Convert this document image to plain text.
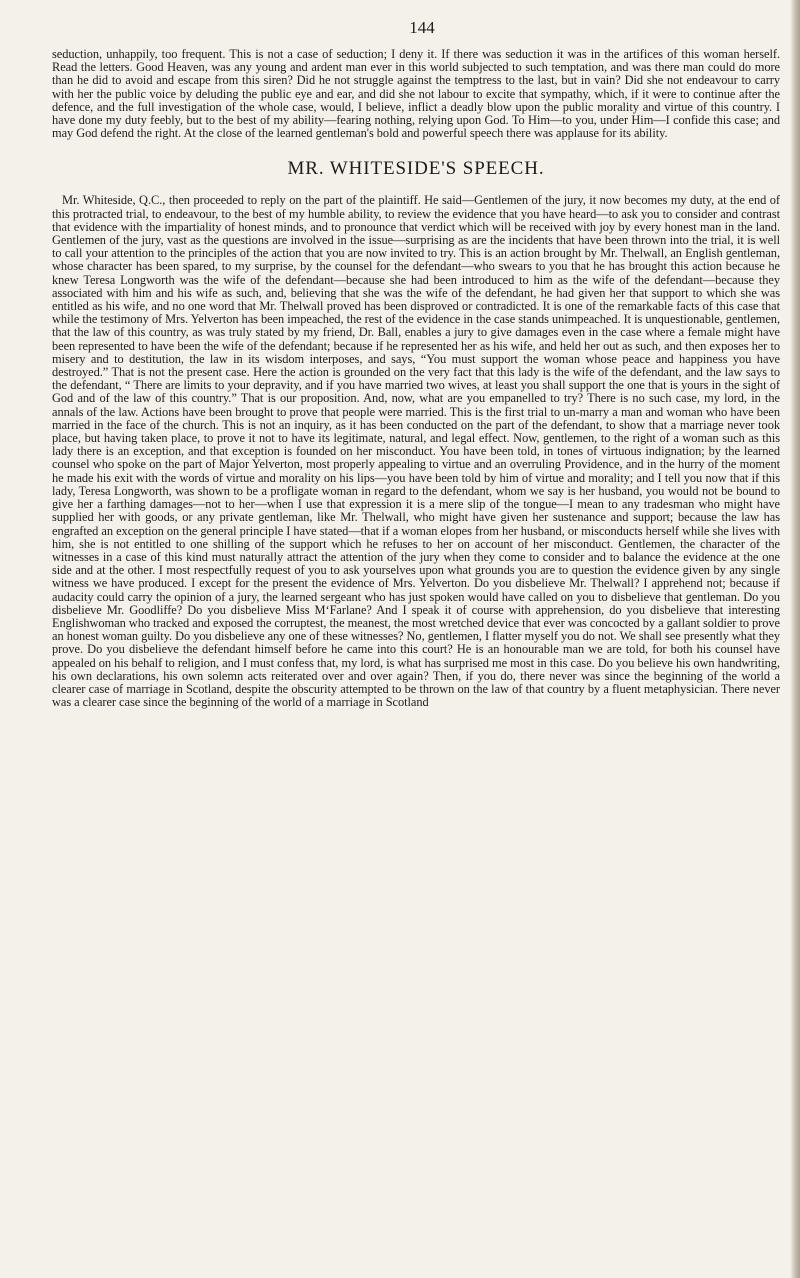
144

seduction, unhappily, too frequent. This is not a case of seduction; I deny it. If there was seduction it was in the artifices of this woman herself. Read the letters. Good Heaven, was any young and ardent man ever in this world subjected to such temptation, and was there man could do more than he did to avoid and escape from this siren? Did he not struggle against the temptress to the last, but in vain? Did she not endeavour to carry with her the public voice by deluding the public eye and ear, and did she not labour to excite that sympathy, which, if it were to continue after the defence, and the full investigation of the whole case, would, I believe, inflict a deadly blow upon the public morality and virtue of this country. I have done my duty feebly, but to the best of my ability—fearing nothing, relying upon God. To Him—to you, under Him—I confide this case; and may God defend the right. At the close of the learned gentleman's bold and powerful speech there was applause for its ability.

MR. WHITESIDE'S SPEECH.

Mr. Whiteside, Q.C., then proceeded to reply on the part of the plaintiff. He said—Gentlemen of the jury, it now becomes my duty, at the end of this protracted trial, to endeavour, to the best of my humble ability, to review the evidence that you have heard—to ask you to consider and contrast that evidence with the impartiality of honest minds, and to pronounce that verdict which will be received with joy by every honest man in the land. Gentlemen of the jury, vast as the questions are involved in the issue—surprising as are the incidents that have been thrown into the trial, it is well to call your attention to the principles of the action that you are now invited to try. This is an action brought by Mr. Thelwall, an English gentleman, whose character has been spared, to my surprise, by the counsel for the defendant—who swears to you that he has brought this action because he knew Teresa Longworth was the wife of the defendant—because she had been introduced to him as the wife of the defendant—because they associated with him and his wife as such, and, believing that she was the wife of the defendant, he had given her that support to which she was entitled as his wife, and no one word that Mr. Thelwall proved has been disproved or contradicted. It is one of the remarkable facts of this case that while the testimony of Mrs. Yelverton has been impeached, the rest of the evidence in the case stands unimpeached. It is unquestionable, gentlemen, that the law of this country, as was truly stated by my friend, Dr. Ball, enables a jury to give damages even in the case where a female might have been represented to have been the wife of the defendant; because if he represented her as his wife, and held her out as such, and then exposes her to misery and to destitution, the law in its wisdom interposes, and says, “You must support the woman whose peace and happiness you have destroyed.” That is not the present case. Here the action is grounded on the very fact that this lady is the wife of the defendant, and the law says to the defendant, “ There are limits to your depravity, and if you have married two wives, at least you shall support the one that is yours in the sight of God and of the law of this country.” That is our proposition. And, now, what are you empanelled to try? There is no such case, my lord, in the annals of the law. Actions have been brought to prove that people were married. This is the first trial to un-marry a man and woman who have been married in the face of the church. This is not an inquiry, as it has been conducted on the part of the defendant, to show that a marriage never took place, but having taken place, to prove it not to have its legitimate, natural, and legal effect. Now, gentlemen, to the right of a woman such as this lady there is an exception, and that exception is founded on her misconduct. You have been told, in tones of virtuous indignation; by the learned counsel who spoke on the part of Major Yelverton, most properly appealing to virtue and an overruling Providence, and in the hurry of the moment he made his exit with the words of virtue and morality on his lips—you have been told by him of virtue and morality; and I tell you now that if this lady, Teresa Longworth, was shown to be a profligate woman in regard to the defendant, whom we say is her husband, you would not be bound to give her a farthing damages—not to her—when I use that expression it is a mere slip of the tongue—I mean to any tradesman who might have supplied her with goods, or any private gentleman, like Mr. Thelwall, who might have given her sustenance and support; because the law has engrafted an exception on the general principle I have stated—that if a woman elopes from her husband, or misconducts herself while she lives with him, she is not entitled to one shilling of the support which he refuses to her on account of her misconduct. Gentlemen, the character of the witnesses in a case of this kind must naturally attract the attention of the jury when they come to consider and to balance the evidence at the one side and at the other. I most respectfully request of you to ask yourselves upon what grounds you are to question the evidence given by any single witness we have produced. I except for the present the evidence of Mrs. Yelverton. Do you disbelieve Mr. Thelwall? I apprehend not; because if audacity could carry the opinion of a jury, the learned sergeant who has just spoken would have called on you to disbelieve that gentleman. Do you disbelieve Mr. Goodliffe? Do you disbelieve Miss M‘Farlane? And I speak it of course with apprehension, do you disbelieve that interesting Englishwoman who tracked and exposed the corruptest, the meanest, the most wretched device that ever was concocted by a gallant soldier to prove an honest woman guilty. Do you disbelieve any one of these witnesses? No, gentlemen, I flatter myself you do not. We shall see presently what they prove. Do you disbelieve the defendant himself before he came into this court? He is an honourable man we are told, for both his counsel have appealed on his behalf to religion, and I must confess that, my lord, is what has surprised me most in this case. Do you believe his own handwriting, his own declarations, his own solemn acts reiterated over and over again? Then, if you do, there never was since the beginning of the world a clearer case of marriage in Scotland, despite the obscurity attempted to be thrown on the law of that country by a fluent metaphysician. There never was a clearer case since the beginning of the world of a marriage in Scotland
